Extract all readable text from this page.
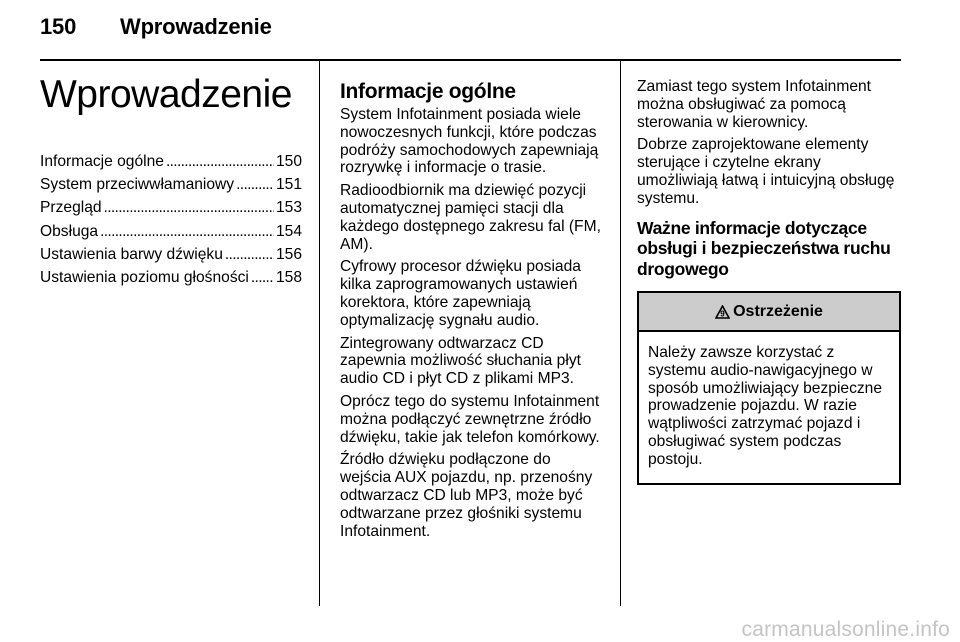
150 Wprowadzenie
Wprowadzenie
Informacje ogólne . . .	150
System przeciwwłamaniowy . . .	151
Przegląd . . .	153
Obsługa . . .	154
Ustawienia barwy dźwięku . . .	156
Ustawienia poziomu głośności . . . 158
Informacje ogólne

System Infotainment posiada wiele nowoczesnych funkcji, które podczas podróży samochodowych zapewniają rozrywkę i informacje o trasie.

Radioodbiornik ma dziewięć pozycji automatycznej pamięci stacji dla każdego dostępnego zakresu fal (FM, AM).

Cyfrowy procesor dźwięku posiada kilka zaprogramowanych ustawień korektora, które zapewniają optymalizację sygnału audio.

Zintegrowany odtwarzacz CD zapewnia możliwość słuchania płyt audio CD i płyt CD z plikami MP3.

Oprócz tego do systemu Infotainment można podłączyć zewnętrzne źródło dźwięku, takie jak telefon komórkowy.

Źródło dźwięku podłączone do wejścia AUX pojazdu, np. przenośny odtwarzacz CD lub MP3, może być odtwarzane przez głośniki systemu Infotainment.

Zamiast tego system Infotainment można obsługiwać za pomocą sterowania w kierownicy.

Dobrze zaprojektowane elementy sterujące i czytelne ekrany umożliwiają łatwą i intuicyjną obsługę systemu.

Ważne informacje dotyczące obsługi i bezpieczeństwa ruchu drogowego
9 Ostrzeżenie
Należy zawsze korzystać z systemu audio-nawigacyjnego w sposób umożliwiający bezpieczne prowadzenie pojazdu. W razie wątpliwości zatrzymać pojazd i obsługiwać system podczas postoju.
carmanualsonline.info
